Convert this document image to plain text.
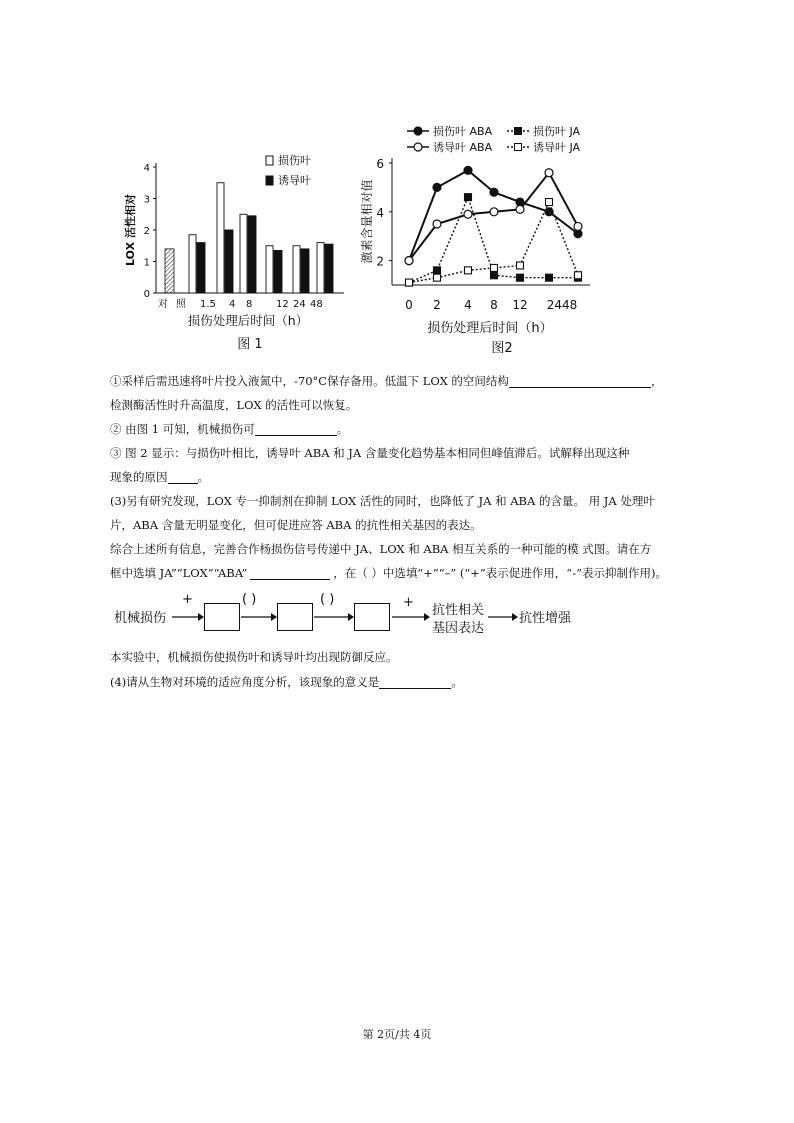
0
1
2
3
4
LOX 活性相对
对 照 1.5 4 8 12 24 48
损伤处理后时间（h）
图 1
损伤叶
诱导叶
2
4
6
激素含量相对值
0 2 4 8 12 2448
损伤处理后时间（h）
图2
损伤叶 ABA
诱导叶 ABA
损伤叶 JA
诱导叶 JA
①采样后需迅速将叶片投入液氮中，-70°C保存备用。低温下 LOX 的空间结构	，
检测酶活性时升高温度，LOX 的活性可以恢复。
② 由图 1 可知，机械损伤可	。
③ 图 2 显示：与损伤叶相比，诱导叶 ABA 和 JA 含量变化趋势基本相同但峰值滞后。试解释出现这种
现象的原因	。
(3)另有研究发现，LOX 专一抑制剂在抑制 LOX 活性的同时，也降低了 JA 和 ABA 的含量。 用 JA 处理叶
片，ABA 含量无明显变化，但可促进应答 ABA 的抗性相关基因的表达。
综合上述所有信息，完善合作杨损伤信号传递中 JA、LOX 和 ABA 相互关系的一种可能的模 式图。请在方
框中选填 JA”“LOX”“ABA”	，在（ ）中选填“+”“–” (“+”表示促进作用，“-”表示抑制作用)。
机械损伤
+	( )	( )	+
抗性相关
基因表达
抗性增强
本实验中，机械损伤使损伤叶和诱导叶均出现防御反应。
(4)请从生物对环境的适应角度分析，该现象的意义是	。
第 2页/共 4页
